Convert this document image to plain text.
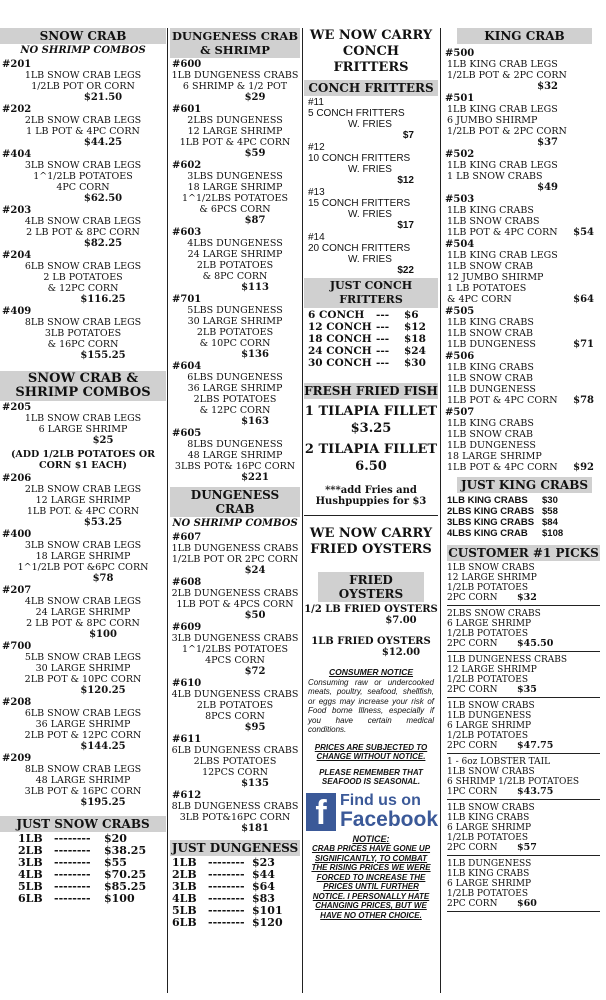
SNOW CRAB
NO SHRIMP COMBOS
#201
1LB SNOW CRAB LEGS
1/2LB POT OR CORN
$21.50
#202
2LB SNOW CRAB LEGS
1 LB POT & 4PC CORN
$44.25
#404
3LB SNOW CRAB LEGS
1^1/2LB POTATOES
4PC CORN
$62.50
#203
4LB SNOW CRAB LEGS
2 LB POT & 8PC CORN
$82.25
#204
6LB SNOW CRAB LEGS
2 LB POTATOES
& 12PC CORN
$116.25
#409
8LB SNOW CRAB LEGS
3LB POTATOES
& 16PC CORN
$155.25
SNOW CRAB & SHRIMP COMBOS
#205
1LB SNOW CRAB LEGS
6 LARGE SHRIMP
$25
(ADD 1/2LB POTATOES OR CORN $1 EACH)
#206
2LB SNOW CRAB LEGS
12 LARGE SHRIMP
1LB POT. & 4PC CORN
$53.25
#400
3LB SNOW CRAB LEGS
18 LARGE SHRIMP
1^1/2LB POT &6PC CORN
$78
#207
4LB SNOW CRAB LEGS
24 LARGE SHRIMP
2 LB POT & 8PC CORN
$100
#700
5LB SNOW CRAB LEGS
30 LARGE SHRIMP
2LB POT & 10PC CORN
$120.25
#208
6LB SNOW CRAB LEGS
36 LARGE SHRIMP
2LB POT & 12PC CORN
$144.25
#209
8LB SNOW CRAB LEGS
48 LARGE SHRIMP
3LB POT & 16PC CORN
$195.25
JUST SNOW CRABS
1LB	--------	$20
2LB	--------	$38.25
3LB	--------	$55
4LB	--------	$70.25
5LB	--------	$85.25
6LB	--------	$100
DUNGENESS CRAB & SHRIMP
#600
1LB DUNGENESS CRABS
6 SHRIMP & 1/2 POT
$29
#601
2LBS DUNGENESS
12 LARGE SHRIMP
1LB POT & 4PC CORN
$59
#602
3LBS DUNGENESS
18 LARGE SHRIMP
1^1/2LBS POTATOES
& 6PCS CORN
$87
#603
4LBS DUNGENESS
24 LARGE SHRIMP
2LB POTATOES
& 8PC CORN
$113
#701
5LBS DUNGENESS
30 LARGE SHRIMP
2LB POTATOES
& 10PC CORN
$136
#604
6LBS DUNGENESS
36 LARGE SHRIMP
2LBS POTATOES
& 12PC CORN
$163
#605
8LBS DUNGENESS
48 LARGE SHRIMP
3LBS POT& 16PC CORN
$221
DUNGENESS CRAB
NO SHRIMP COMBOS
#607
1LB DUNGENESS CRABS
1/2LB POT OR 2PC CORN
$24
#608
2LB DUNGENESS CRABS
1LB POT & 4PCS CORN
$50
#609
3LB DUNGENESS CRABS
1^1/2LBS POTATOES
4PCS CORN
$72
#610
4LB DUNGENESS CRABS
2LB POTATOES
8PCS CORN
$95
#611
6LB DUNGENESS CRABS
2LBS POTATOES
12PCS CORN
$135
#612
8LB DUNGENESS CRABS
3LB POT&16PC CORN
$181
JUST DUNGENESS
1LB	-------- $23
2LB	-------- $44
3LB	-------- $64
4LB	-------- $83
5LB	-------- $101
6LB	-------- $120
WE NOW CARRY
CONCH FRITTERS
CONCH FRITTERS
#11
5 CONCH FRITTERS
W. FRIES
$7
#12
10 CONCH FRITTERS
W. FRIES
$12
#13
15 CONCH FRITTERS
W. FRIES
$17
#14
20 CONCH FRITTERS
W. FRIES
$22
JUST CONCH FRITTERS
6 CONCH	---	$6
12 CONCH ---	$12
18 CONCH ---	$18
24 CONCH ---	$24
30 CONCH ---	$30
FRESH FRIED FISH
1 TILAPIA FILLET
$3.25
2 TILAPIA FILLET
6.50
***add Fries and
Hushpuppies for $3
WE NOW CARRY
FRIED OYSTERS
FRIED OYSTERS
1/2 LB FRIED OYSTERS
$7.00
1LB FRIED OYSTERS
$12.00
CONSUMER NOTICE
Consuming raw or undercooked meats, poultry, seafood, shellfish, or eggs may increase your risk of Food borne Illness, especially if you have certain medical conditions.
PRICES ARE SUBJECTED TO CHANGE WITHOUT NOTICE.
PLEASE REMEMBER THAT SEAFOOD IS SEASONAL.
f Find us on
Facebook
NOTICE:
CRAB PRICES HAVE GONE UP SIGNIFICANTLY, TO COMBAT THE RISING PRICES WE WERE FORCED TO INCREASE THE PRICES UNTIL FURTHER NOTICE. I PERSONALLY HATE CHANGING PRICES, BUT WE HAVE NO OTHER CHOICE.
KING CRAB
#500
1LB KING CRAB LEGS
1/2LB POT & 2PC CORN
$32
#501
1LB KING CRAB LEGS
6 JUMBO SHIRMP
1/2LB POT & 2PC CORN
$37
#502
1LB KING CRAB LEGS
1 LB SNOW CRABS
$49
#503
1LB KING CRABS
1LB SNOW CRABS
1LB POT & 4PC CORN $54
#504
1LB KING CRAB LEGS
1LB SNOW CRAB
12 JUMBO SHIRMP
1 LB POTATOES
& 4PC CORN	$64
#505
1LB KING CRABS
1LB SNOW CRAB
1LB DUNGENESS	$71
#506
1LB KING CRABS
1LB SNOW CRAB
1LB DUNGENESS
1LB POT & 4PC CORN $78
#507
1LB KING CRABS
1LB SNOW CRAB
1LB DUNGENESS
18 LARGE SHRIMP
1LB POT & 4PC CORN $92
JUST KING CRABS
1LB KING CRABS	$30
2LBS KING CRABS $58
3LBS KING CRABS $84
4LBS KING CRAB	$108
CUSTOMER #1 PICKS
1LB SNOW CRABS
12 LARGE SHRIMP
1/2LB POTATOES
2PC CORN	$32
2LBS SNOW CRABS
6 LARGE SHRIMP
1/2LB POTATOES
2PC CORN	$45.50
1LB DUNGENESS CRABS
12 LARGE SHRIMP
1/2LB POTATOES
2PC CORN	$35
1LB SNOW CRABS
1LB DUNGENESS
6 LARGE SHRIMP
1/2LB POTATOES
2PC CORN	$47.75
1 - 6oz LOBSTER TAIL
1LB SNOW CRABS
6 SHRIMP 1/2LB POTATOES
1PC CORN	$43.75
1LB SNOW CRABS
1LB KING CRABS
6 LARGE SHRIMP
1/2LB POTATOES
2PC CORN	$57
1LB DUNGENESS
1LB KING CRABS
6 LARGE SHRIMP
1/2LB POTATOES
2PC CORN	$60
